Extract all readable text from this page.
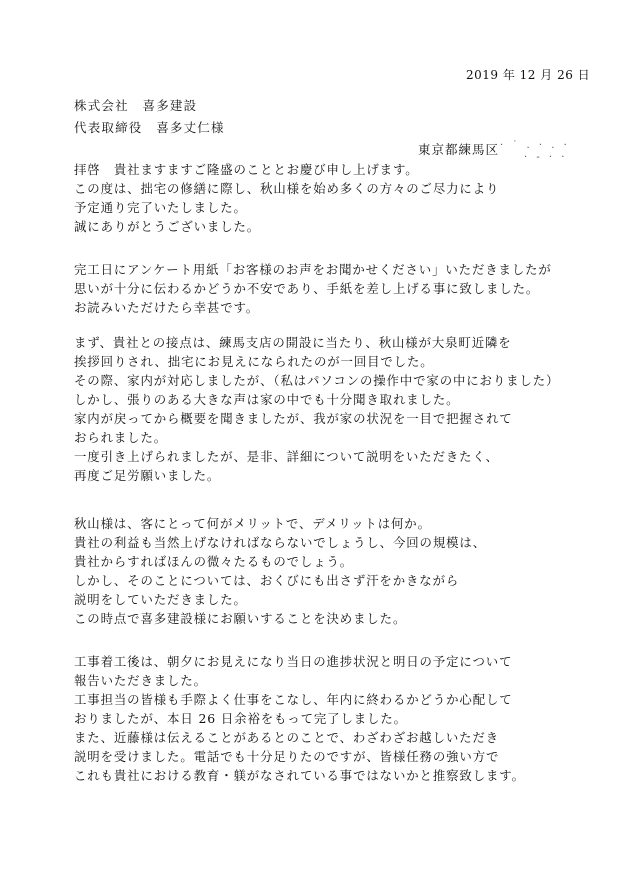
2019 年 12 月 26 日
株式会社　喜多建設
代表取締役　喜多丈仁様
東京都練馬区 · ˙ . · . ·
· ‐ · ·
拝啓　貴社ますますご隆盛のこととお慶び申し上げます。
この度は、拙宅の修繕に際し、秋山様を始め多くの方々のご尽力により
予定通り完了いたしました。
誠にありがとうございました。
完工日にアンケート用紙「お客様のお声をお聞かせください」いただきましたが
思いが十分に伝わるかどうか不安であり、手紙を差し上げる事に致しました。
お読みいただけたら幸甚です。
まず、貴社との接点は、練馬支店の開設に当たり、秋山様が大泉町近隣を
挨拶回りされ、拙宅にお見えになられたのが一回目でした。
その際、家内が対応しましたが、（私はパソコンの操作中で家の中におりました）
しかし、張りのある大きな声は家の中でも十分聞き取れました。
家内が戻ってから概要を聞きましたが、我が家の状況を一目で把握されて
おられました。
一度引き上げられましたが、是非、詳細について説明をいただきたく、
再度ご足労願いました。
秋山様は、客にとって何がメリットで、デメリットは何か。
貴社の利益も当然上げなければならないでしょうし、今回の規模は、
貴社からすればほんの微々たるものでしょう。
しかし、そのことについては、おくびにも出さず汗をかきながら
説明をしていただきました。
この時点で喜多建設様にお願いすることを決めました。
工事着工後は、朝夕にお見えになり当日の進捗状況と明日の予定について
報告いただきました。
工事担当の皆様も手際よく仕事をこなし、年内に終わるかどうか心配して
おりましたが、本日 26 日余裕をもって完了しました。
また、近藤様は伝えることがあるとのことで、わざわざお越しいただき
説明を受けました。電話でも十分足りたのですが、皆様任務の強い方で
これも貴社における教育・躾がなされている事ではないかと推察致します。
